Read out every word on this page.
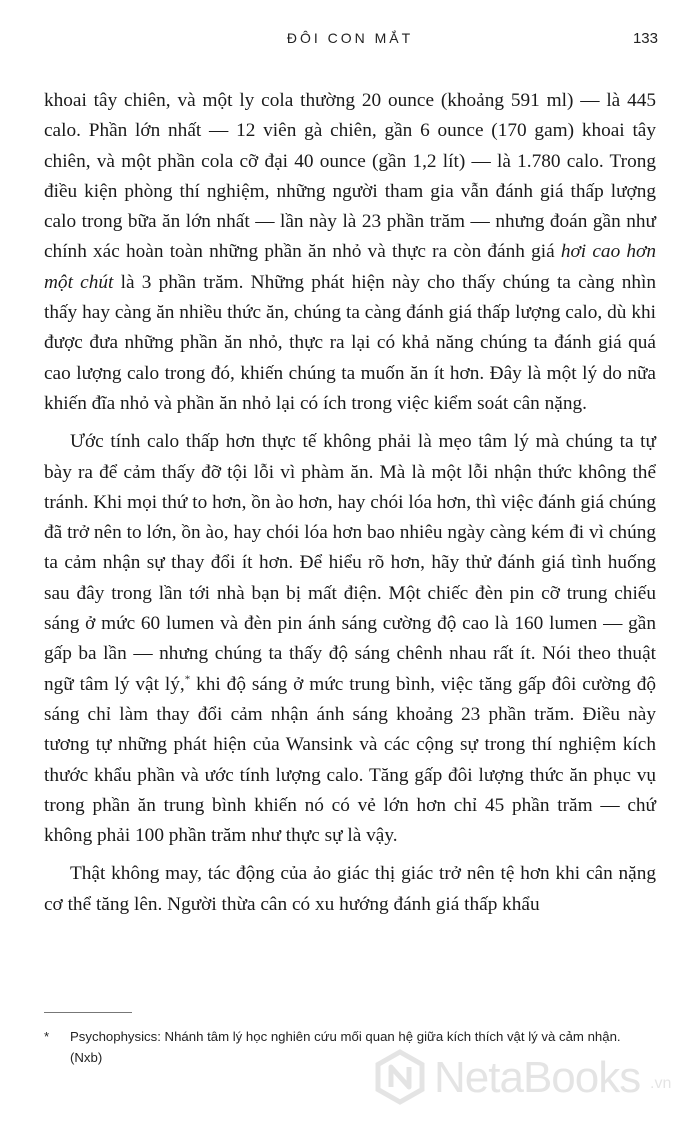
ĐÔI CON MẮT	133

khoai tây chiên, và một ly cola thường 20 ounce (khoảng 591 ml) — là 445 calo. Phần lớn nhất — 12 viên gà chiên, gần 6 ounce (170 gam) khoai tây chiên, và một phần cola cỡ đại 40 ounce (gần 1,2 lít) — là 1.780 calo. Trong điều kiện phòng thí nghiệm, những người tham gia vẫn đánh giá thấp lượng calo trong bữa ăn lớn nhất — lần này là 23 phần trăm — nhưng đoán gần như chính xác hoàn toàn những phần ăn nhỏ và thực ra còn đánh giá hơi cao hơn một chút là 3 phần trăm. Những phát hiện này cho thấy chúng ta càng nhìn thấy hay càng ăn nhiều thức ăn, chúng ta càng đánh giá thấp lượng calo, dù khi được đưa những phần ăn nhỏ, thực ra lại có khả năng chúng ta đánh giá quá cao lượng calo trong đó, khiến chúng ta muốn ăn ít hơn. Đây là một lý do nữa khiến đĩa nhỏ và phần ăn nhỏ lại có ích trong việc kiểm soát cân nặng.

Ước tính calo thấp hơn thực tế không phải là mẹo tâm lý mà chúng ta tự bày ra để cảm thấy đỡ tội lỗi vì phàm ăn. Mà là một lỗi nhận thức không thể tránh. Khi mọi thứ to hơn, ồn ào hơn, hay chói lóa hơn, thì việc đánh giá chúng đã trở nên to lớn, ồn ào, hay chói lóa hơn bao nhiêu ngày càng kém đi vì chúng ta cảm nhận sự thay đổi ít hơn. Để hiểu rõ hơn, hãy thử đánh giá tình huống sau đây trong lần tới nhà bạn bị mất điện. Một chiếc đèn pin cỡ trung chiếu sáng ở mức 60 lumen và đèn pin ánh sáng cường độ cao là 160 lumen — gần gấp ba lần — nhưng chúng ta thấy độ sáng chênh nhau rất ít. Nói theo thuật ngữ tâm lý vật lý,* khi độ sáng ở mức trung bình, việc tăng gấp đôi cường độ sáng chỉ làm thay đổi cảm nhận ánh sáng khoảng 23 phần trăm. Điều này tương tự những phát hiện của Wansink và các cộng sự trong thí nghiệm kích thước khẩu phần và ước tính lượng calo. Tăng gấp đôi lượng thức ăn phục vụ trong phần ăn trung bình khiến nó có vẻ lớn hơn chỉ 45 phần trăm — chứ không phải 100 phần trăm như thực sự là vậy.

Thật không may, tác động của ảo giác thị giác trở nên tệ hơn khi cân nặng cơ thể tăng lên. Người thừa cân có xu hướng đánh giá thấp khẩu

* Psychophysics: Nhánh tâm lý học nghiên cứu mối quan hệ giữa kích thích vật lý và cảm nhận. (Nxb)	NetaBooks .vn
